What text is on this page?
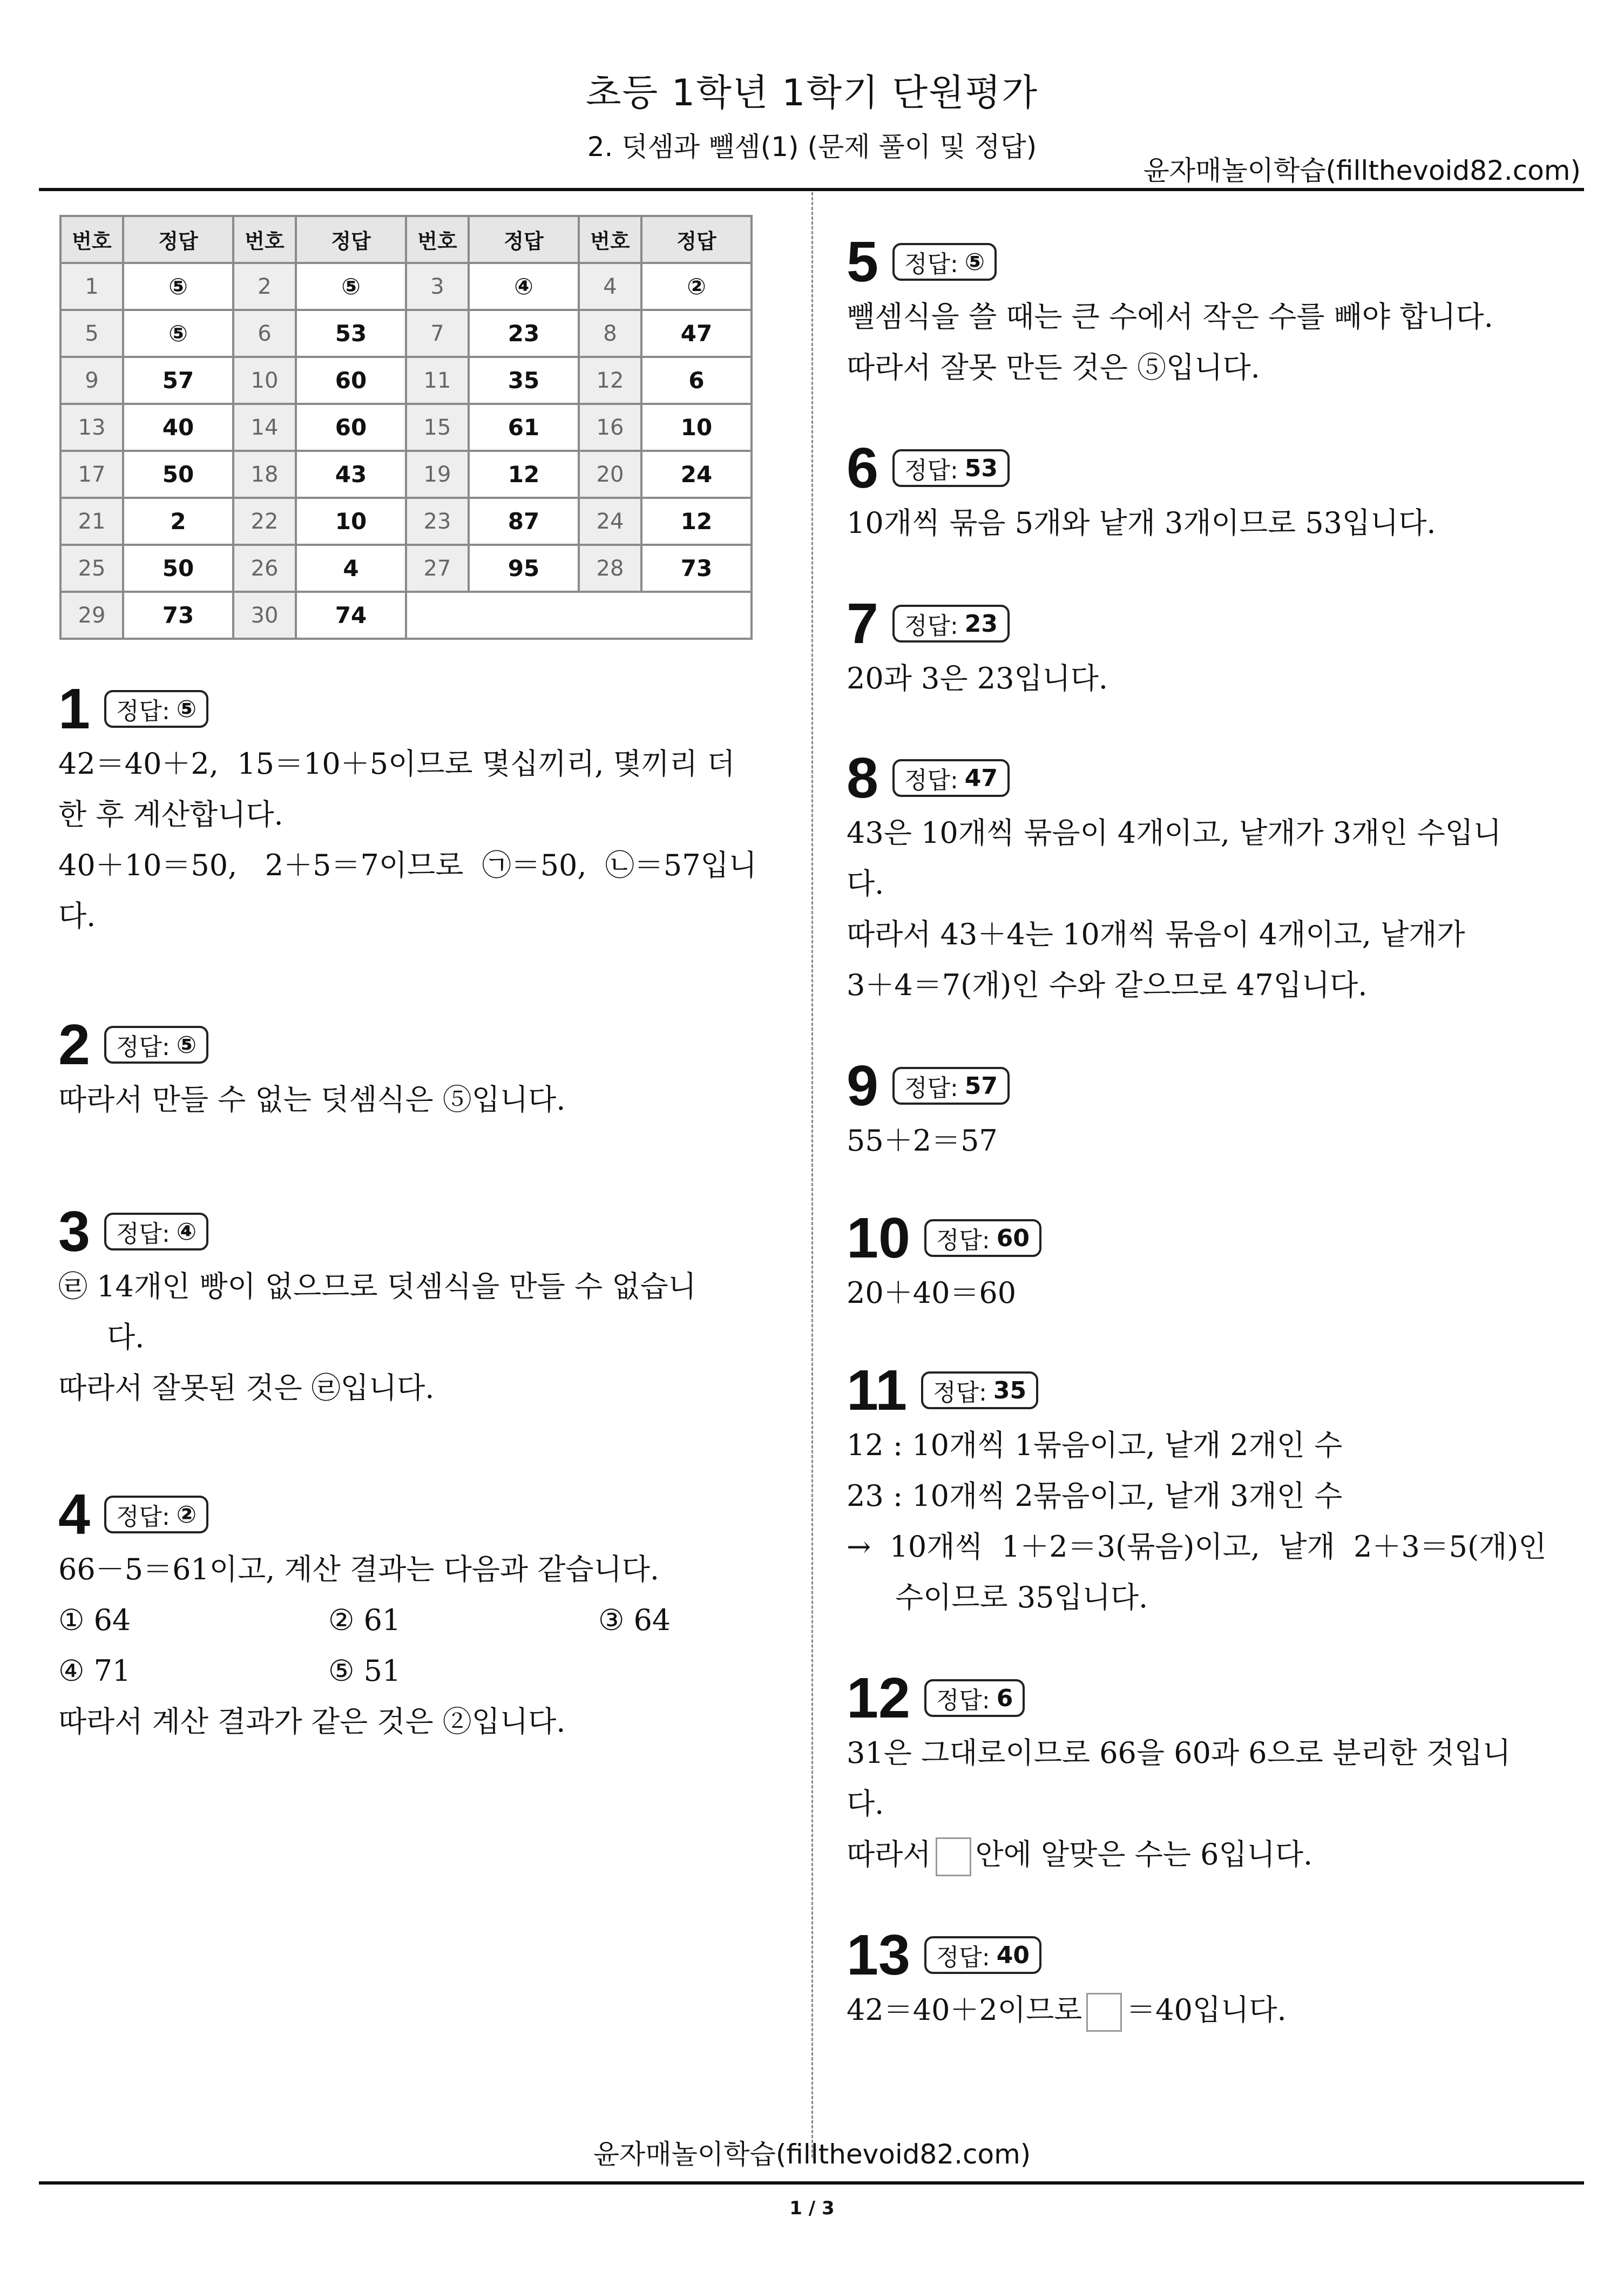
초등 1학년 1학기 단원평가
2. 덧셈과 뺄셈(1) (문제 풀이 및 정답)
윤자매놀이학습(fillthevoid82.com)
번호	정답	번호	정답	번호	정답	번호	정답
1	⑤	2	⑤	3	④	4	②
5	⑤	6	53	7	23	8	47
9	57	10	60	11	35	12	6
13	40	14	60	15	61	16	10
17	50	18	43	19	12	20	24
21	2	22	10	23	87	24	12
25	50	26	4	27	95	28	73
29	73	30	74				
1 정답: ⑤
42＝40＋2,  15＝10＋5이므로 몇십끼리, 몇끼리 더
한 후 계산합니다.
40＋10＝50,   2＋5＝7이므로  ㉠＝50,  ㉡＝57입니
다.
2 정답: ⑤
따라서 만들 수 없는 덧셈식은 ⑤입니다.
3 정답: ④
㉣ 14개인 빵이 없으므로 덧셈식을 만들 수 없습니
다.
따라서 잘못된 것은 ㉣입니다.
4 정답: ②
66－5＝61이고, 계산 결과는 다음과 같습니다.
① 64	② 61	③ 64
④ 71	⑤ 51
따라서 계산 결과가 같은 것은 ②입니다.
5 정답: ⑤
뺄셈식을 쓸 때는 큰 수에서 작은 수를 빼야 합니다.
따라서 잘못 만든 것은 ⑤입니다.
6 정답: 53
10개씩 묶음 5개와 낱개 3개이므로 53입니다.
7 정답: 23
20과 3은 23입니다.
8 정답: 47
43은 10개씩 묶음이 4개이고, 낱개가 3개인 수입니
다.
따라서 43＋4는 10개씩 묶음이 4개이고, 낱개가
3＋4＝7(개)인 수와 같으므로 47입니다.
9 정답: 57
55＋2＝57
10 정답: 60
20＋40＝60
11 정답: 35
12 : 10개씩 1묶음이고, 낱개 2개인 수
23 : 10개씩 2묶음이고, 낱개 3개인 수
→  10개씩  1＋2＝3(묶음)이고,  낱개  2＋3＝5(개)인
수이므로 35입니다.
12 정답: 6
31은 그대로이므로 66을 60과 6으로 분리한 것입니
다.
따라서 안에 알맞은 수는 6입니다.
13 정답: 40
42＝40＋2이므로 ＝40입니다.
윤자매놀이학습(fillthevoid82.com)
1 / 3
